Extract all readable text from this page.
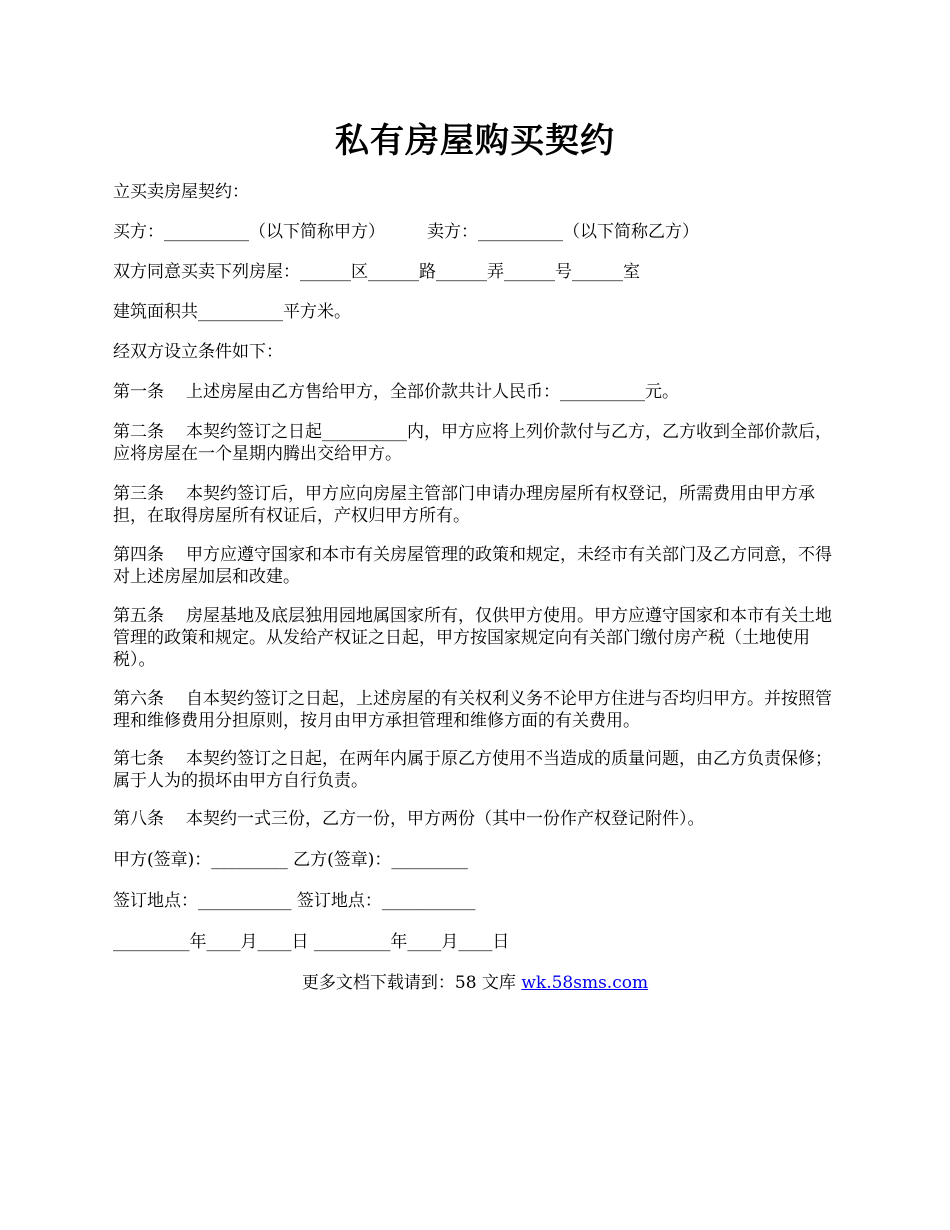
私有房屋购买契约
立买卖房屋契约：
买方：__________（以下简称甲方） 卖方：__________（以下简称乙方）
双方同意买卖下列房屋：______区______路______弄______号______室
建筑面积共__________平方米。
经双方设立条件如下：
第一条 上述房屋由乙方售给甲方，全部价款共计人民币：__________元。
第二条 本契约签订之日起__________内，甲方应将上列价款付与乙方，乙方收到全部价款后，应将房屋在一个星期内腾出交给甲方。
第三条 本契约签订后，甲方应向房屋主管部门申请办理房屋所有权登记，所需费用由甲方承担，在取得房屋所有权证后，产权归甲方所有。
第四条 甲方应遵守国家和本市有关房屋管理的政策和规定，未经市有关部门及乙方同意，不得对上述房屋加层和改建。
第五条 房屋基地及底层独用园地属国家所有，仅供甲方使用。甲方应遵守国家和本市有关土地管理的政策和规定。从发给产权证之日起，甲方按国家规定向有关部门缴付房产税（土地使用税）。
第六条 自本契约签订之日起，上述房屋的有关权利义务不论甲方住进与否均归甲方。并按照管理和维修费用分担原则，按月由甲方承担管理和维修方面的有关费用。
第七条 本契约签订之日起，在两年内属于原乙方使用不当造成的质量问题，由乙方负责保修；属于人为的损坏由甲方自行负责。
第八条 本契约一式三份，乙方一份，甲方两份（其中一份作产权登记附件）。
甲方(签章)：_________ 乙方(签章)：_________
签订地点：___________ 签订地点：___________
_________年____月____日 _________年____月____日
更多文档下载请到：58 文库 wk.58sms.com
